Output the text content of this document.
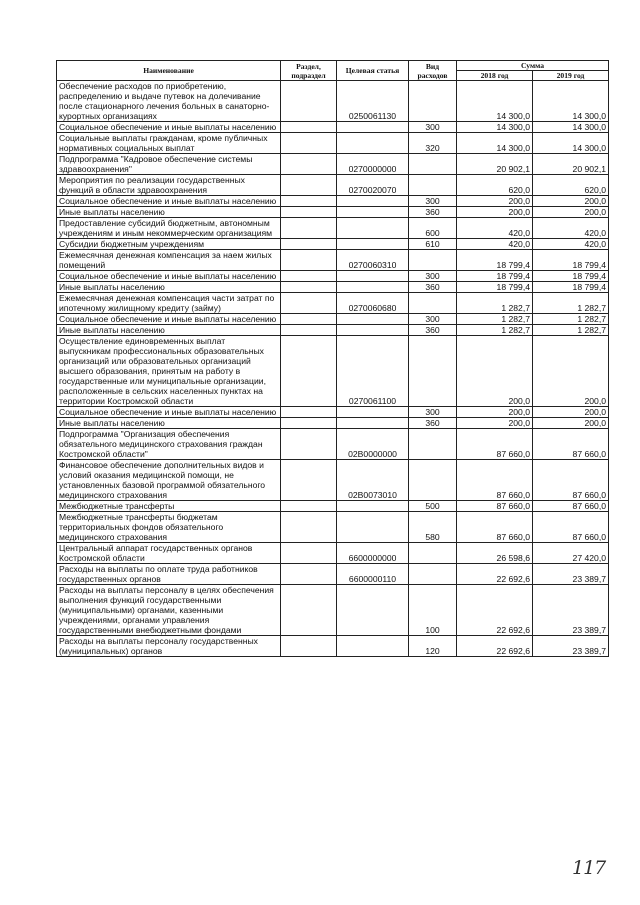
Наименование	Раздел, подраздел	Целевая статья	Вид расходов	Сумма	
				2018 год	2019 год
Обеспечение расходов по приобретению, распределению и выдаче путевок на долечивание после стационарного лечения больных в санаторно-курортных организациях		0250061130		14 300,0	14 300,0
Социальное обеспечение и иные выплаты населению			300	14 300,0	14 300,0
Социальные выплаты гражданам, кроме публичных нормативных социальных выплат			320	14 300,0	14 300,0
Подпрограмма "Кадровое обеспечение системы здравоохранения"		0270000000		20 902,1	20 902,1
Мероприятия по реализации государственных функций в области здравоохранения		0270020070		620,0	620,0
Социальное обеспечение и иные выплаты населению			300	200,0	200,0
Иные выплаты населению			360	200,0	200,0
Предоставление субсидий бюджетным, автономным учреждениям и иным некоммерческим организациям			600	420,0	420,0
Субсидии бюджетным учреждениям			610	420,0	420,0
Ежемесячная денежная компенсация за наем жилых помещений		0270060310		18 799,4	18 799,4
Социальное обеспечение и иные выплаты населению			300	18 799,4	18 799,4
Иные выплаты населению			360	18 799,4	18 799,4
Ежемесячная денежная компенсация части затрат по ипотечному жилищному кредиту (займу)		0270060680		1 282,7	1 282,7
Социальное обеспечение и иные выплаты населению			300	1 282,7	1 282,7
Иные выплаты населению			360	1 282,7	1 282,7
Осуществление единовременных выплат выпускникам профессиональных образовательных организаций или образовательных организаций высшего образования, принятым на работу в государственные или муниципальные организации, расположенные в сельских населенных пунктах на территории Костромской области		0270061100		200,0	200,0
Социальное обеспечение и иные выплаты населению			300	200,0	200,0
Иные выплаты населению			360	200,0	200,0
Подпрограмма "Организация обеспечения обязательного медицинского страхования граждан Костромской области"		02В0000000		87 660,0	87 660,0
Финансовое обеспечение дополнительных видов и условий оказания медицинской помощи, не установленных базовой программой обязательного медицинского страхования		02В0073010		87 660,0	87 660,0
Межбюджетные трансферты			500	87 660,0	87 660,0
Межбюджетные трансферты бюджетам территориальных фондов обязательного медицинского страхования			580	87 660,0	87 660,0
Центральный аппарат государственных органов Костромской области		6600000000		26 598,6	27 420,0
Расходы на выплаты по оплате труда работников государственных органов		6600000110		22 692,6	23 389,7
Расходы на выплаты персоналу в целях обеспечения выполнения функций государственными (муниципальными) органами, казенными учреждениями, органами управления государственными внебюджетными фондами			100	22 692,6	23 389,7
Расходы на выплаты персоналу государственных (муниципальных) органов			120	22 692,6	23 389,7
117
